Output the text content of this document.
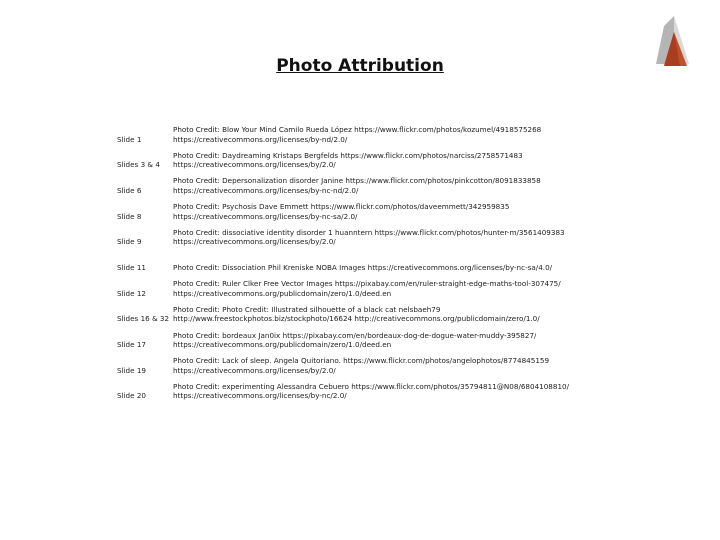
Photo Attribution
Slide 1
Photo Credit: Blow Your Mind Camilo Rueda López https://www.flickr.com/photos/kozumel/4918575268
https://creativecommons.org/licenses/by-nd/2.0/
Slides 3 & 4
Photo Credit: Daydreaming Kristaps Bergfelds https://www.flickr.com/photos/narciss/2758571483
https://creativecommons.org/licenses/by/2.0/
Slide 6
Photo Credit: Depersonalization disorder Janine https://www.flickr.com/photos/pinkcotton/8091833858
https://creativecommons.org/licenses/by-nc-nd/2.0/
Slide 8
Photo Credit: Psychosis Dave Emmett https://www.flickr.com/photos/daveemmett/342959835
https://creativecommons.org/licenses/by-nc-sa/2.0/
Slide 9
Photo Credit: dissociative identity disorder 1 huanntern https://www.flickr.com/photos/hunter-m/3561409383
https://creativecommons.org/licenses/by/2.0/
Slide 11	Photo Credit: Dissociation Phil Kreniske NOBA Images https://creativecommons.org/licenses/by-nc-sa/4.0/
Slide 12
Photo Credit: Ruler Clker Free Vector Images https://pixabay.com/en/ruler-straight-edge-maths-tool-307475/
https://creativecommons.org/publicdomain/zero/1.0/deed.en
Slides 16 & 32
Photo Credit: Photo Credit: Illustrated silhouette of a black cat nelsbaeh79
http://www.freestockphotos.biz/stockphoto/16624 http://creativecommons.org/publicdomain/zero/1.0/
Slide 17
Photo Credit: bordeaux Jan0ix https://pixabay.com/en/bordeaux-dog-de-dogue-water-muddy-395827/
https://creativecommons.org/publicdomain/zero/1.0/deed.en
Slide 19
Photo Credit: Lack of sleep. Angela Quitoriano. https://www.flickr.com/photos/angelophotos/8774845159
https://creativecommons.org/licenses/by/2.0/
Slide 20
Photo Credit: experimenting Alessandra Cebuero https://www.flickr.com/photos/35794811@N08/6804108810/
https://creativecommons.org/licenses/by-nc/2.0/
